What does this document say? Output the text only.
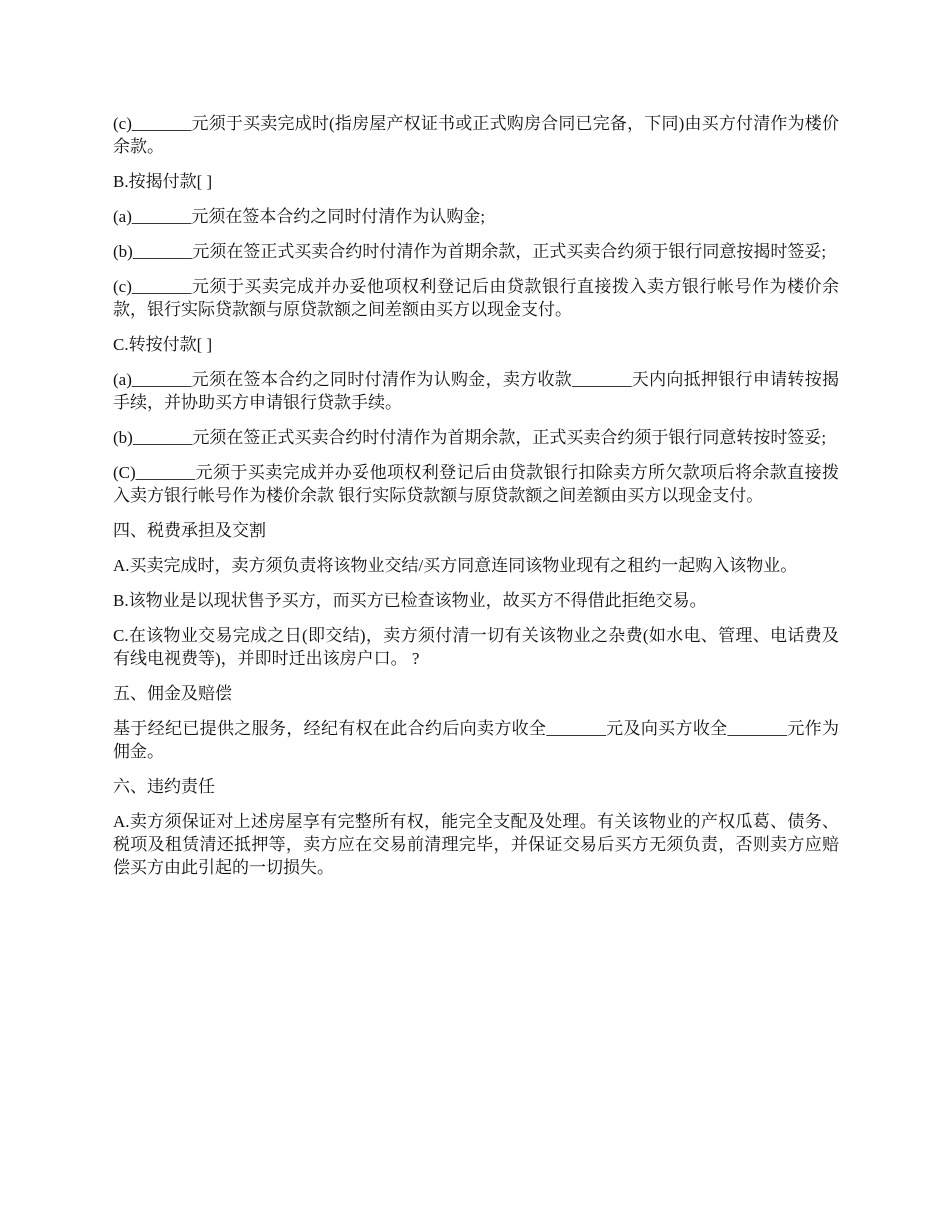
(c)_______元须于买卖完成时(指房屋产权证书或正式购房合同已完备，下同)由买方付清作为楼价余款。

B.按揭付款[ ]

(a)_______元须在签本合约之同时付清作为认购金;

(b)_______元须在签正式买卖合约时付清作为首期余款，正式买卖合约须于银行同意按揭时签妥;

(c)_______元须于买卖完成并办妥他项权利登记后由贷款银行直接拨入卖方银行帐号作为楼价余款，银行实际贷款额与原贷款额之间差额由买方以现金支付。

C.转按付款[ ]

(a)_______元须在签本合约之同时付清作为认购金，卖方收款_______天内向抵押银行申请转按揭手续，并协助买方申请银行贷款手续。

(b)_______元须在签正式买卖合约时付清作为首期余款，正式买卖合约须于银行同意转按时签妥;

(C)_______元须于买卖完成并办妥他项权利登记后由贷款银行扣除卖方所欠款项后将余款直接拨入卖方银行帐号作为楼价余款 银行实际贷款额与原贷款额之间差额由买方以现金支付。

四、税费承担及交割

A.买卖完成时，卖方须负责将该物业交结/买方同意连同该物业现有之租约一起购入该物业。

B.该物业是以现状售予买方，而买方已检查该物业，故买方不得借此拒绝交易。

C.在该物业交易完成之日(即交结)，卖方须付清一切有关该物业之杂费(如水电、管理、电话费及有线电视费等)，并即时迁出该房户口。 ?

五、佣金及赔偿

基于经纪已提供之服务，经纪有权在此合约后向卖方收全_______元及向买方收全_______元作为佣金。

六、违约责任

A.卖方须保证对上述房屋享有完整所有权，能完全支配及处理。有关该物业的产权瓜葛、债务、税项及租赁清还抵押等，卖方应在交易前清理完毕，并保证交易后买方无须负责，否则卖方应赔偿买方由此引起的一切损失。
